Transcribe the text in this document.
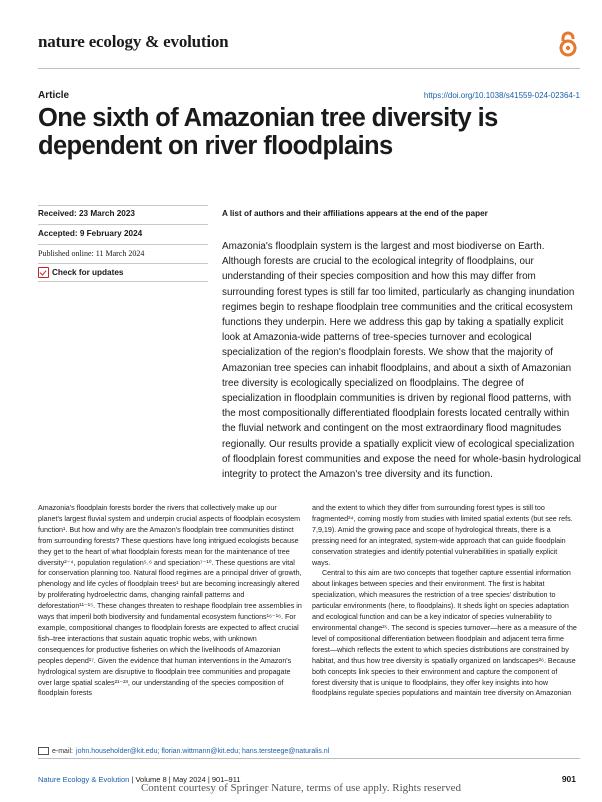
nature ecology & evolution
Article	https://doi.org/10.1038/s41559-024-02364-1
One sixth of Amazonian tree diversity is dependent on river floodplains
Received: 23 March 2023
Accepted: 9 February 2024
Published online: 11 March 2024
Check for updates
A list of authors and their affiliations appears at the end of the paper

Amazonia's floodplain system is the largest and most biodiverse on Earth. Although forests are crucial to the ecological integrity of floodplains, our understanding of their species composition and how this may differ from surrounding forest types is still far too limited, particularly as changing inundation regimes begin to reshape floodplain tree communities and the critical ecosystem functions they underpin. Here we address this gap by taking a spatially explicit look at Amazonia-wide patterns of tree-species turnover and ecological specialization of the region's floodplain forests. We show that the majority of Amazonian tree species can inhabit floodplains, and about a sixth of Amazonian tree diversity is ecologically specialized on floodplains. The degree of specialization in floodplain communities is driven by regional flood patterns, with the most compositionally differentiated floodplain forests located centrally within the fluvial network and contingent on the most extraordinary flood magnitudes regionally. Our results provide a spatially explicit view of ecological specialization of floodplain forest communities and expose the need for whole-basin hydrological integrity to protect the Amazon's tree diversity and its function.

Amazonia's floodplain forests border the rivers that collectively make up our planet's largest fluvial system and underpin crucial aspects of floodplain ecosystem function¹. But how and why are the Amazon's floodplain tree communities distinct from surrounding forests? These questions have long intrigued ecologists because they get to the heart of what floodplain forests mean for the maintenance of tree diversity²⁻⁴, population regulation⁵˒⁶ and speciation⁷⁻¹⁰. These questions are vital for conservation planning too. Natural flood regimes are a principal driver of growth, phenology and life cycles of floodplain trees¹ but are becoming increasingly altered by proliferating hydroelectric dams, changing rainfall patterns and deforestation¹¹⁻¹⁵. These changes threaten to reshape floodplain tree assemblies in ways that imperil both biodiversity and fundamental ecosystem functions¹⁶⁻¹⁶. For example, compositional changes to floodplain forests are expected to affect crucial fish–tree interactions that sustain aquatic trophic webs, with unknown consequences for productive fisheries on which the livelihoods of Amazonian peoples depend¹⁷. Given the evidence that human interventions in the Amazon's hydrological system are disruptive to floodplain tree communities and propagate over large spatial scales²¹⁻²³, our understanding of the species composition of floodplain forests

and the extent to which they differ from surrounding forest types is still too fragmented²⁴, coming mostly from studies with limited spatial extents (but see refs. 7,9,19). Amid the growing pace and scope of hydrological threats, there is a pressing need for an integrated, system-wide approach that can guide floodplain conservation strategies and identify potential vulnerabilities in spatially explicit ways.

Central to this aim are two concepts that together capture essential information about linkages between species and their environment. The first is habitat specialization, which measures the restriction of a tree species' distribution to particular environments (here, to floodplains). It sheds light on species adaptation and ecological function and can be a key indicator of species vulnerability to environmental change²⁵. The second is species turnover—here as a measure of the level of compositional differentiation between floodplain and adjacent terra firme forest—which reflects the extent to which species distributions are constrained by habitat, and thus how tree diversity is spatially organized on landscapes²⁶. Because both concepts link species to their environment and capture the component of forest diversity that is unique to floodplains, they offer key insights into how floodplains regulate species populations and maintain tree diversity on Amazonian

e-mail: john.householder@kit.edu; florian.wittmann@kit.edu; hans.tersteege@naturalis.nl
Nature Ecology & Evolution | Volume 8 | May 2024 | 901–911	901
Content courtesy of Springer Nature, terms of use apply. Rights reserved
